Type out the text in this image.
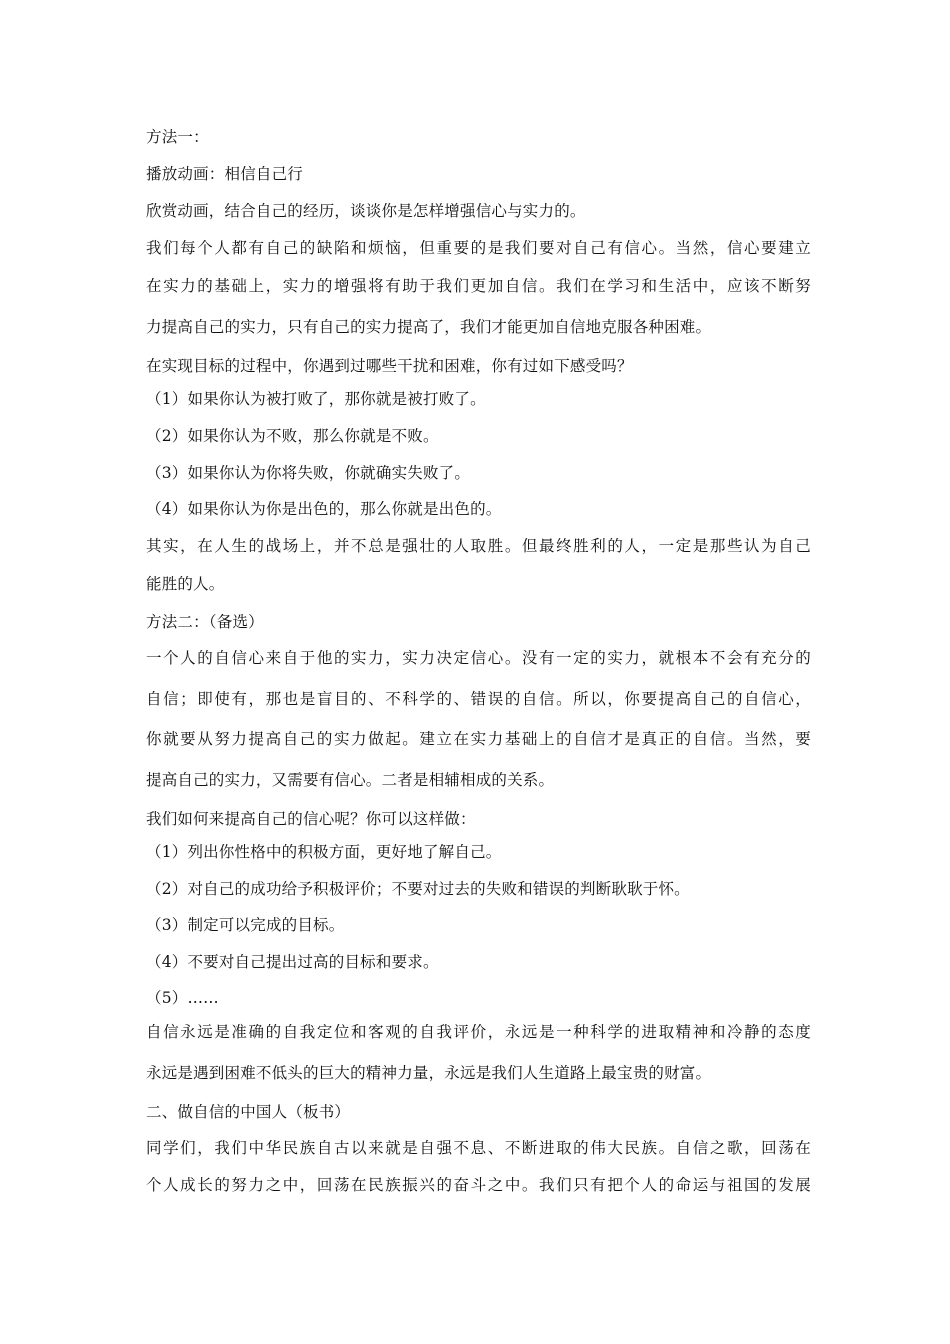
方法一：
播放动画：相信自己行
欣赏动画，结合自己的经历，谈谈你是怎样增强信心与实力的。
我们每个人都有自己的缺陷和烦恼，但重要的是我们要对自己有信心。当然，信心要建立
在实力的基础上，实力的增强将有助于我们更加自信。我们在学习和生活中，应该不断努
力提高自己的实力，只有自己的实力提高了，我们才能更加自信地克服各种困难。
在实现目标的过程中，你遇到过哪些干扰和困难，你有过如下感受吗？
（1）如果你认为被打败了，那你就是被打败了。
（2）如果你认为不败，那么你就是不败。
（3）如果你认为你将失败，你就确实失败了。
（4）如果你认为你是出色的，那么你就是出色的。
其实，在人生的战场上，并不总是强壮的人取胜。但最终胜利的人，一定是那些认为自己
能胜的人。
方法二：（备选）
一个人的自信心来自于他的实力，实力决定信心。没有一定的实力，就根本不会有充分的
自信；即使有，那也是盲目的、不科学的、错误的自信。所以，你要提高自己的自信心，
你就要从努力提高自己的实力做起。建立在实力基础上的自信才是真正的自信。当然，要
提高自己的实力，又需要有信心。二者是相辅相成的关系。
我们如何来提高自己的信心呢？你可以这样做：
（1）列出你性格中的积极方面，更好地了解自己。
（2）对自己的成功给予积极评价；不要对过去的失败和错误的判断耿耿于怀。
（3）制定可以完成的目标。
（4）不要对自己提出过高的目标和要求。
（5）……
自信永远是准确的自我定位和客观的自我评价，永远是一种科学的进取精神和冷静的态度
永远是遇到困难不低头的巨大的精神力量，永远是我们人生道路上最宝贵的财富。
二、做自信的中国人（板书）
同学们，我们中华民族自古以来就是自强不息、不断进取的伟大民族。自信之歌，回荡在
个人成长的努力之中，回荡在民族振兴的奋斗之中。我们只有把个人的命运与祖国的发展
